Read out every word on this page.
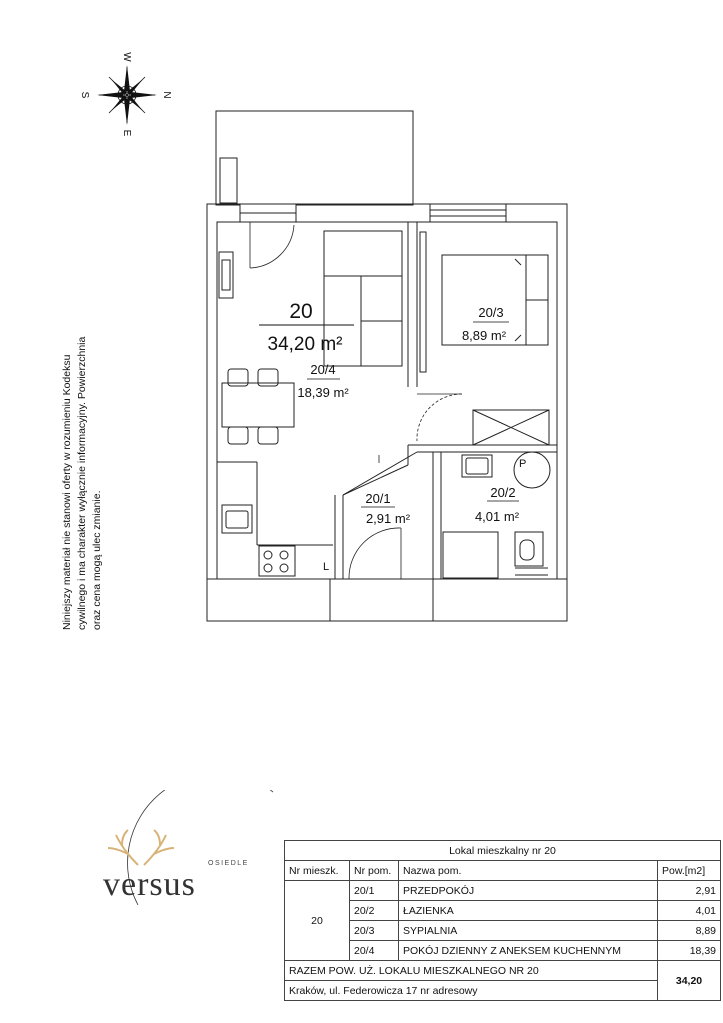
W
E
S	N
20
34,20 m²
20/4
18,39 m²
20/3
8,89 m²
20/1
2,91 m²
20/2
4,01 m²
P
L
Niniejszy materiał nie stanowi oferty w rozumieniu Kodeksu cywilnego i ma charakter wyłącznie informacyjny. Powierzchnia oraz cena mogą ulec zmianie.
OSIEDLE
versus
Lokal mieszkalny nr 20			
Nr mieszk.	Nr pom.	Nazwa pom.	Pow.[m2]
20	20/1	PRZEDPOKÓJ	2,91
	20/2	ŁAZIENKA	4,01
	20/3	SYPIALNIA	8,89
	20/4	POKÓJ DZIENNY Z ANEKSEM KUCHENNYM	18,39
RAZEM POW. UŻ. LOKALU MIESZKALNEGO NR 20			34,20
Kraków, ul. Federowicza 17 nr adresowy			
